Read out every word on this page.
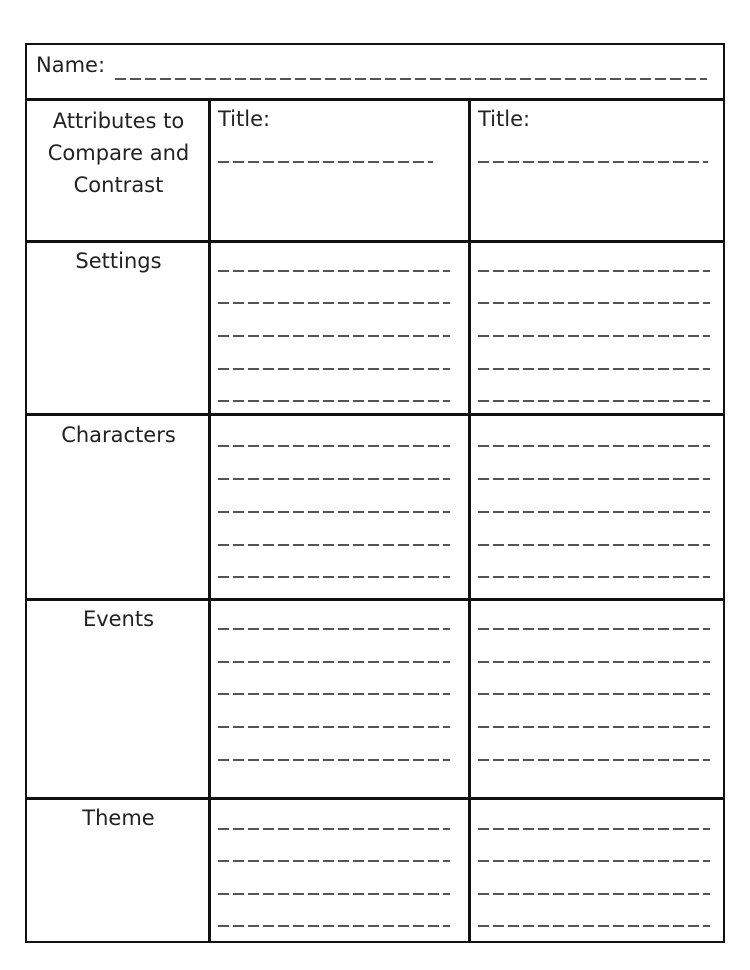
Name:
Attributes to Compare and Contrast
Title:	Title:
Settings
Characters
Events
Theme
